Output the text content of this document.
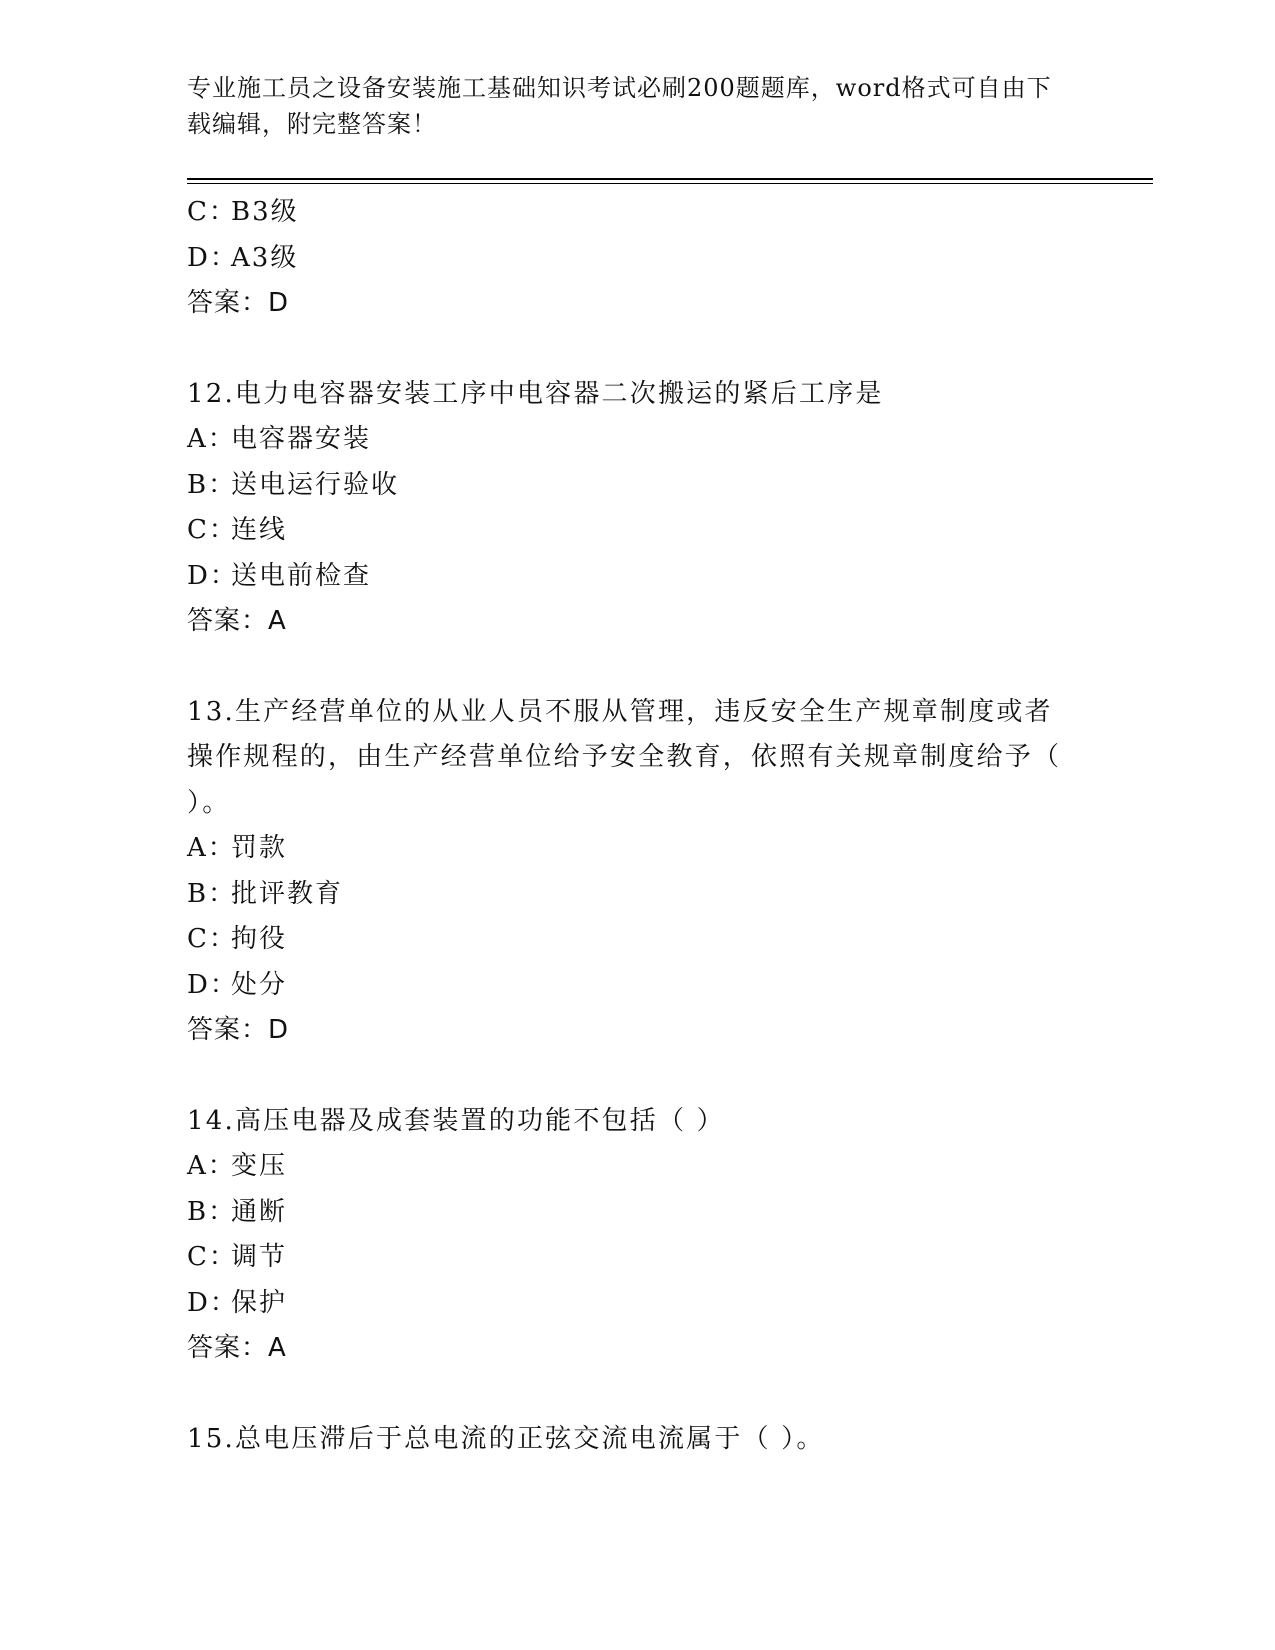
专业施工员之设备安装施工基础知识考试必刷200题题库，word格式可自由下载编辑，附完整答案！
C：B3级
D：A3级
答案：D
12.电力电容器安装工序中电容器二次搬运的紧后工序是
A：电容器安装
B：送电运行验收
C：连线
D：送电前检查
答案：A
13.生产经营单位的从业人员不服从管理，违反安全生产规章制度或者操作规程的，由生产经营单位给予安全教育，依照有关规章制度给予（ ）。
A：罚款
B：批评教育
C：拘役
D：处分
答案：D
14.高压电器及成套装置的功能不包括（ ）
A：变压
B：通断
C：调节
D：保护
答案：A
15.总电压滞后于总电流的正弦交流电流属于（ ）。
